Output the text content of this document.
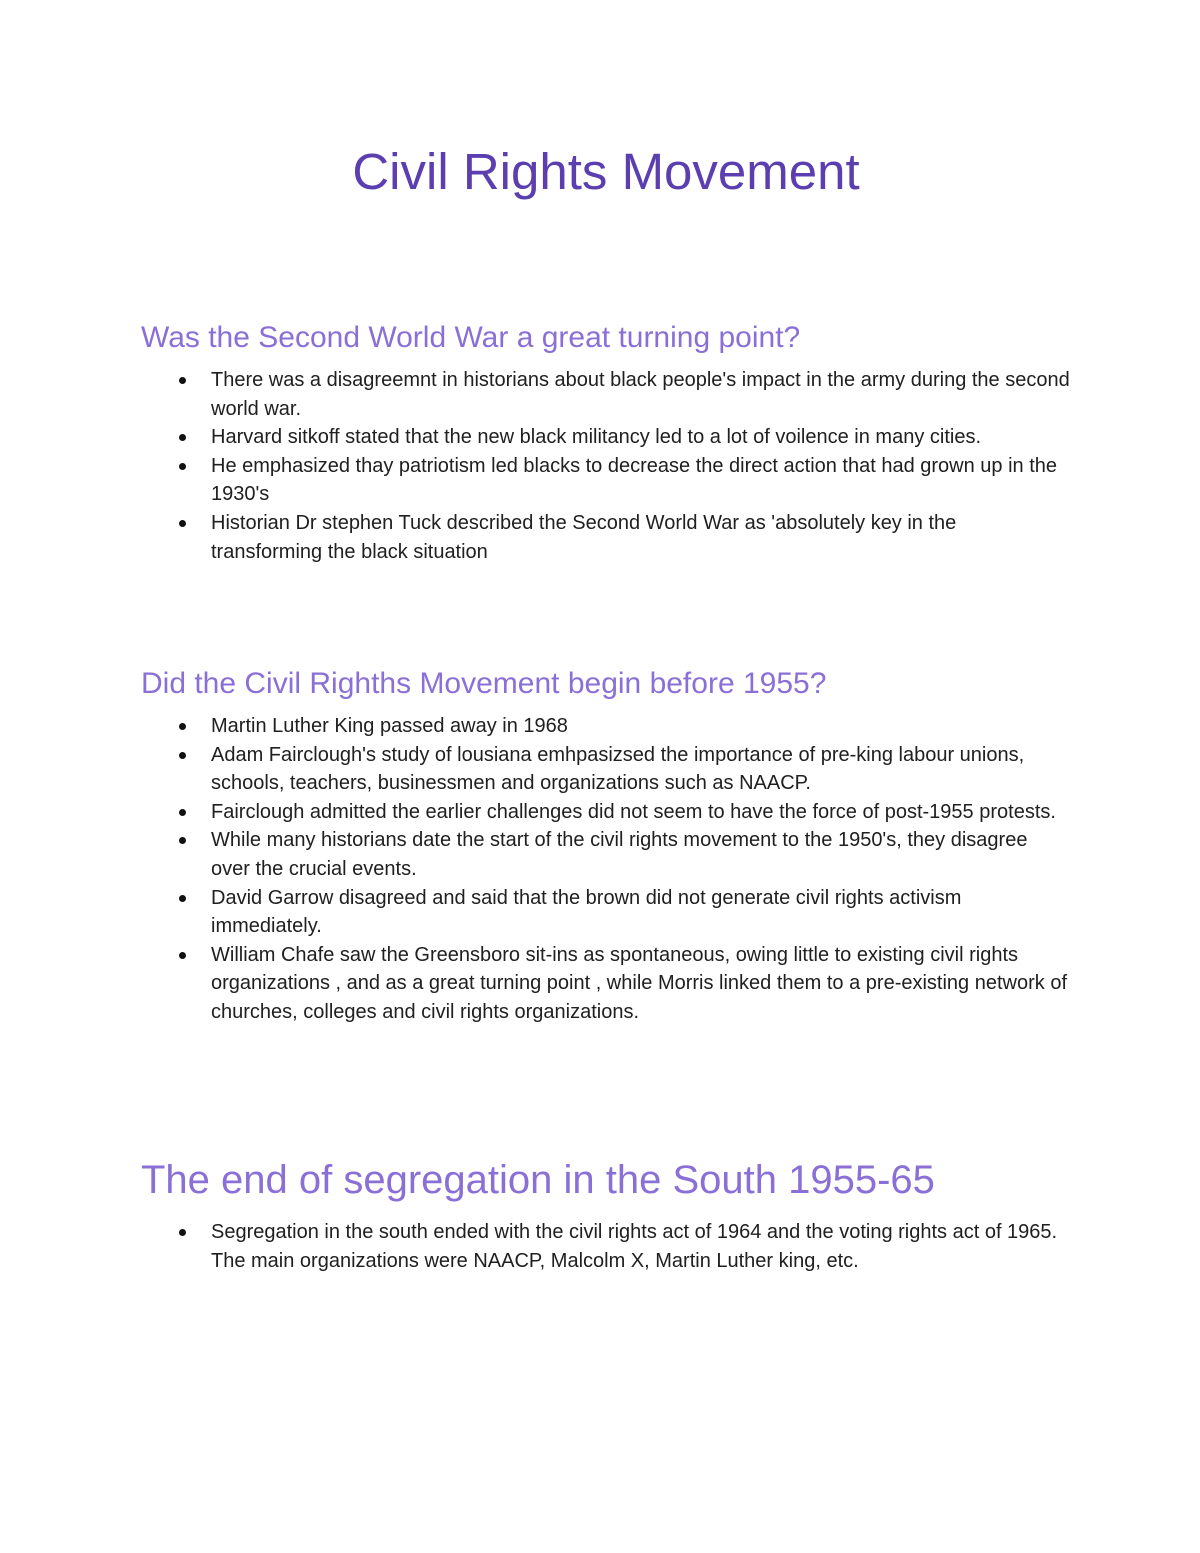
Civil Rights Movement
Was the Second World War a great turning point?
There was a disagreemnt in historians about black people's impact in the army during the second world war.
Harvard sitkoff stated that the new black militancy led to a lot of voilence in many cities.
He emphasized thay patriotism led blacks to decrease the direct action that had grown up in the 1930's
Historian Dr stephen Tuck described the Second World War as 'absolutely key in the transforming the black situation
Did the Civil Righths Movement begin before 1955?
Martin Luther King passed away in 1968
Adam Fairclough's study of lousiana emhpasizsed the importance of pre-king labour unions, schools, teachers, businessmen and organizations such as NAACP.
Fairclough admitted the earlier challenges did not seem to have the force of post-1955 protests.
While many historians date the start of the civil rights movement to the 1950's, they disagree over the crucial events.
David Garrow disagreed and said that the brown did not generate civil rights activism immediately.
William Chafe saw the Greensboro sit-ins as spontaneous, owing little to existing civil rights organizations , and as a great turning point , while Morris linked them to a pre-existing network of churches, colleges and civil rights organizations.
The end of segregation in the South 1955-65
Segregation in the south ended with the civil rights act of 1964 and the voting rights act of 1965. The main organizations were NAACP, Malcolm X, Martin Luther king, etc.
